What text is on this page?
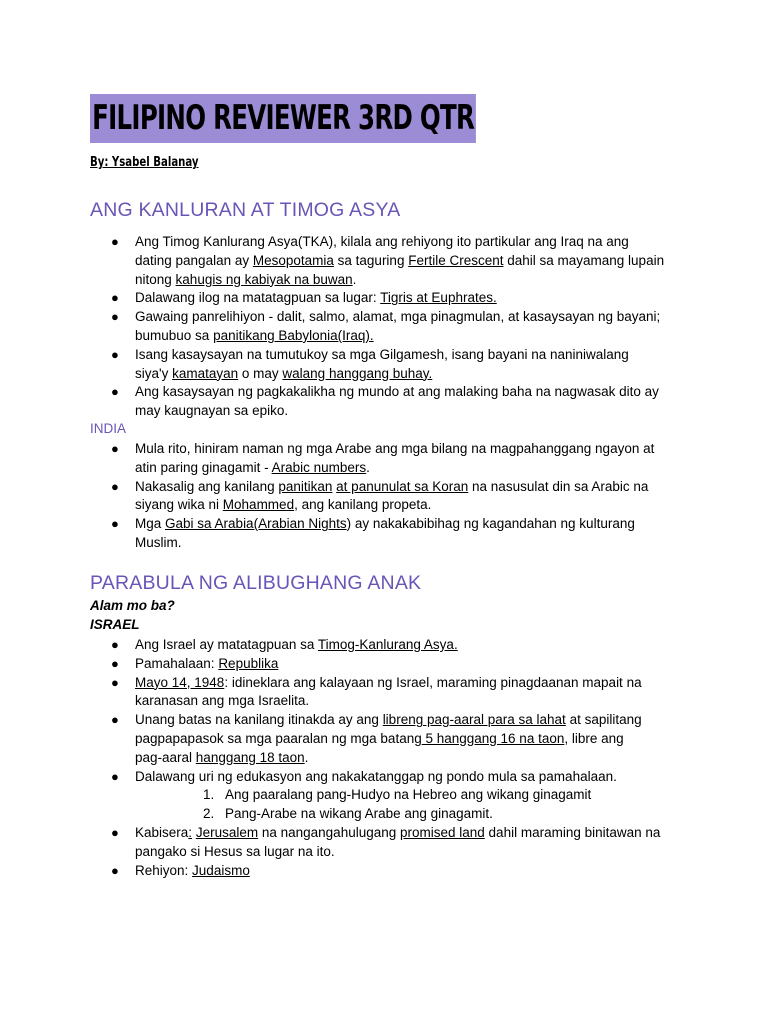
FILIPINO REVIEWER 3RD QTR
By: Ysabel Balanay
ANG KANLURAN AT TIMOG ASYA
● Ang Timog Kanlurang Asya(TKA), kilala ang rehiyong ito partikular ang Iraq na ang
dating pangalan ay Mesopotamia sa taguring Fertile Crescent dahil sa mayamang lupain
nitong kahugis ng kabiyak na buwan.
● Dalawang ilog na matatagpuan sa lugar: Tigris at Euphrates.
● Gawaing panrelihiyon - dalit, salmo, alamat, mga pinagmulan, at kasaysayan ng bayani;
bumubuo sa panitikang Babylonia(Iraq).
● Isang kasaysayan na tumutukoy sa mga Gilgamesh, isang bayani na naniniwalang
siya'y kamatayan o may walang hanggang buhay.
● Ang kasaysayan ng pagkakalikha ng mundo at ang malaking baha na nagwasak dito ay
may kaugnayan sa epiko.
INDIA
● Mula rito, hiniram naman ng mga Arabe ang mga bilang na magpahanggang ngayon at
atin paring ginagamit - Arabic numbers.
● Nakasalig ang kanilang panitikan at panunulat sa Koran na nasusulat din sa Arabic na
siyang wika ni Mohammed, ang kanilang propeta.
● Mga Gabi sa Arabia(Arabian Nights) ay nakakabibihag ng kagandahan ng kulturang
Muslim.
PARABULA NG ALIBUGHANG ANAK
Alam mo ba?
ISRAEL
● Ang Israel ay matatagpuan sa Timog-Kanlurang Asya.
● Pamahalaan: Republika
● Mayo 14, 1948: idineklara ang kalayaan ng Israel, maraming pinagdaanan mapait na
karanasan ang mga Israelita.
● Unang batas na kanilang itinakda ay ang libreng pag-aaral para sa lahat at sapilitang
pagpapapasok sa mga paaralan ng mga batang 5 hanggang 16 na taon, libre ang
pag-aaral hanggang 18 taon.
● Dalawang uri ng edukasyon ang nakakatanggap ng pondo mula sa pamahalaan.
1. Ang paaralang pang-Hudyo na Hebreo ang wikang ginagamit
2. Pang-Arabe na wikang Arabe ang ginagamit.
● Kabisera: Jerusalem na nangangahulugang promised land dahil maraming binitawan na
pangako si Hesus sa lugar na ito.
● Rehiyon: Judaismo
